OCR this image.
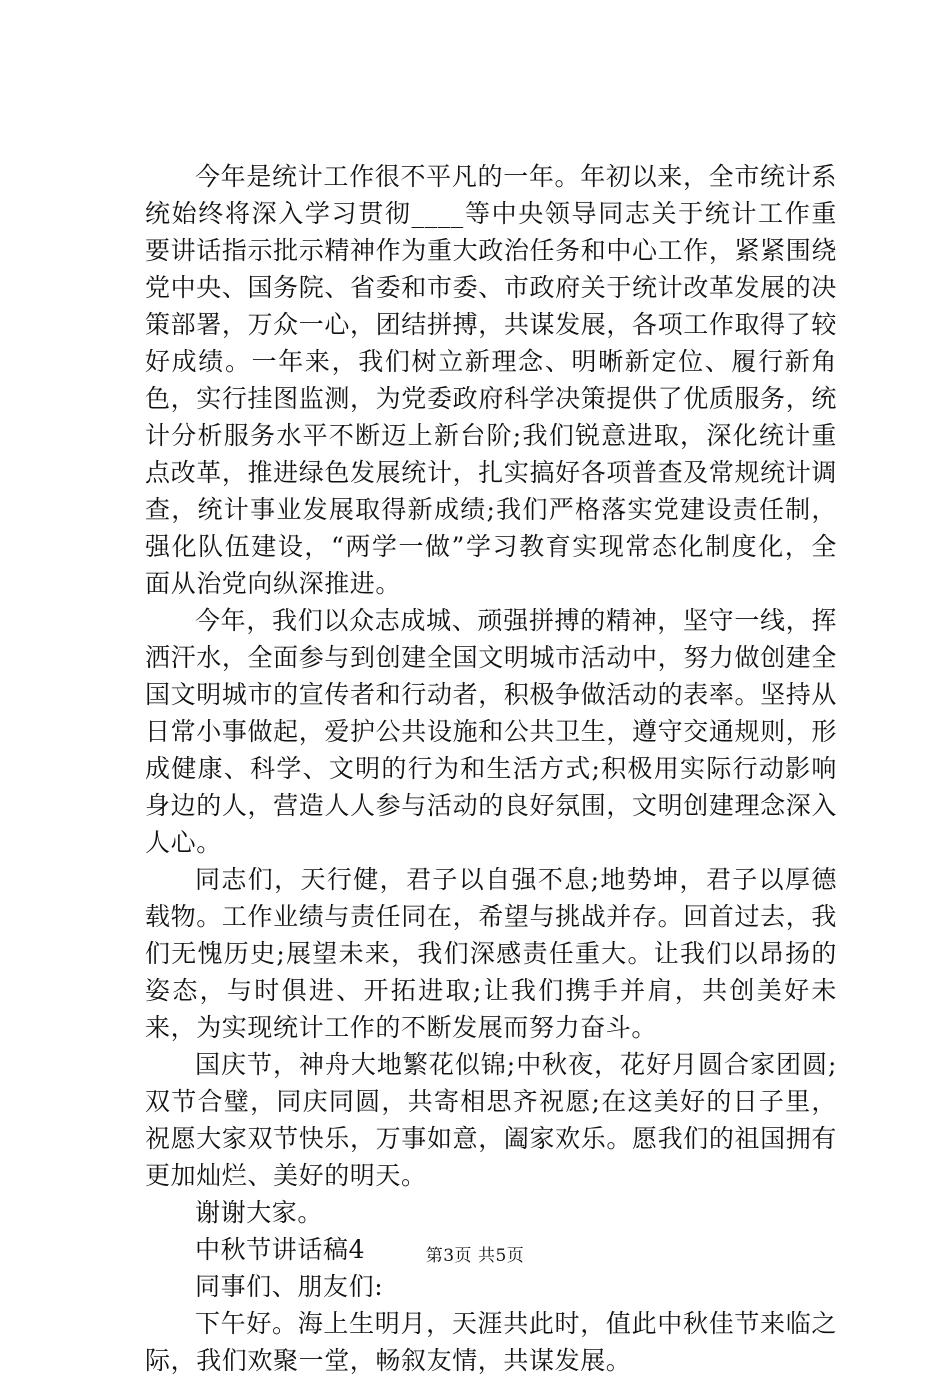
今年是统计工作很不平凡的一年。年初以来，全市统计系统始终将深入学习贯彻____等中央领导同志关于统计工作重要讲话指示批示精神作为重大政治任务和中心工作，紧紧围绕党中央、国务院、省委和市委、市政府关于统计改革发展的决策部署，万众一心，团结拼搏，共谋发展，各项工作取得了较好成绩。一年来，我们树立新理念、明晰新定位、履行新角色，实行挂图监测，为党委政府科学决策提供了优质服务，统计分析服务水平不断迈上新台阶;我们锐意进取，深化统计重点改革，推进绿色发展统计，扎实搞好各项普查及常规统计调查，统计事业发展取得新成绩;我们严格落实党建设责任制，强化队伍建设，“两学一做”学习教育实现常态化制度化，全面从治党向纵深推进。

今年，我们以众志成城、顽强拼搏的精神，坚守一线，挥洒汗水，全面参与到创建全国文明城市活动中，努力做创建全国文明城市的宣传者和行动者，积极争做活动的表率。坚持从日常小事做起，爱护公共设施和公共卫生，遵守交通规则，形成健康、科学、文明的行为和生活方式;积极用实际行动影响身边的人，营造人人参与活动的良好氛围，文明创建理念深入人心。

同志们，天行健，君子以自强不息;地势坤，君子以厚德载物。工作业绩与责任同在，希望与挑战并存。回首过去，我们无愧历史;展望未来，我们深感责任重大。让我们以昂扬的姿态，与时俱进、开拓进取;让我们携手并肩，共创美好未来，为实现统计工作的不断发展而努力奋斗。

国庆节，神舟大地繁花似锦;中秋夜，花好月圆合家团圆;双节合璧，同庆同圆，共寄相思齐祝愿;在这美好的日子里，祝愿大家双节快乐，万事如意，阖家欢乐。愿我们的祖国拥有更加灿烂、美好的明天。

谢谢大家。

中秋节讲话稿4

同事们、朋友们:

下午好。海上生明月，天涯共此时，值此中秋佳节来临之际，我们欢聚一堂，畅叙友情，共谋发展。

第3页 共5页
